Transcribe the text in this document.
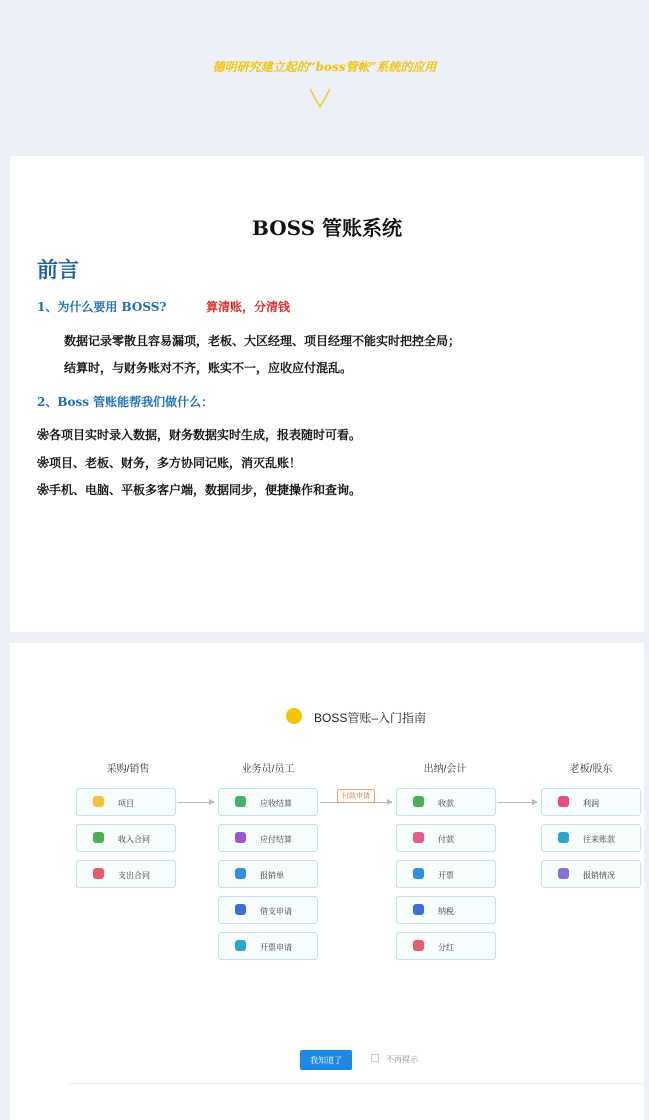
德明研究建立起的“boss管帐”系统的应用
BOSS 管账系统
前言
1、为什么要用 BOSS?	算清账，分清钱
数据记录零散且容易漏项，老板、大区经理、项目经理不能实时把控全局；
结算时，与财务账对不齐，账实不一，应收应付混乱。
2、Boss 管账能帮我们做什么：
❀各项目实时录入数据，财务数据实时生成，报表随时可看。
❀项目、老板、财务，多方协同记账，消灭乱账！
❀手机、电脑、平板多客户端，数据同步，便捷操作和查询。
BOSS管账–入门指南
采购/销售	业务员/员工	出纳/会计	老板/股东
项目
收入合同
支出合同
应收结算
应付结算
报销单
借支申请
开票申请
收款
付款
开票
纳税
分红
利润
往来账款
报销情况
付款申请
我知道了	不再提示
